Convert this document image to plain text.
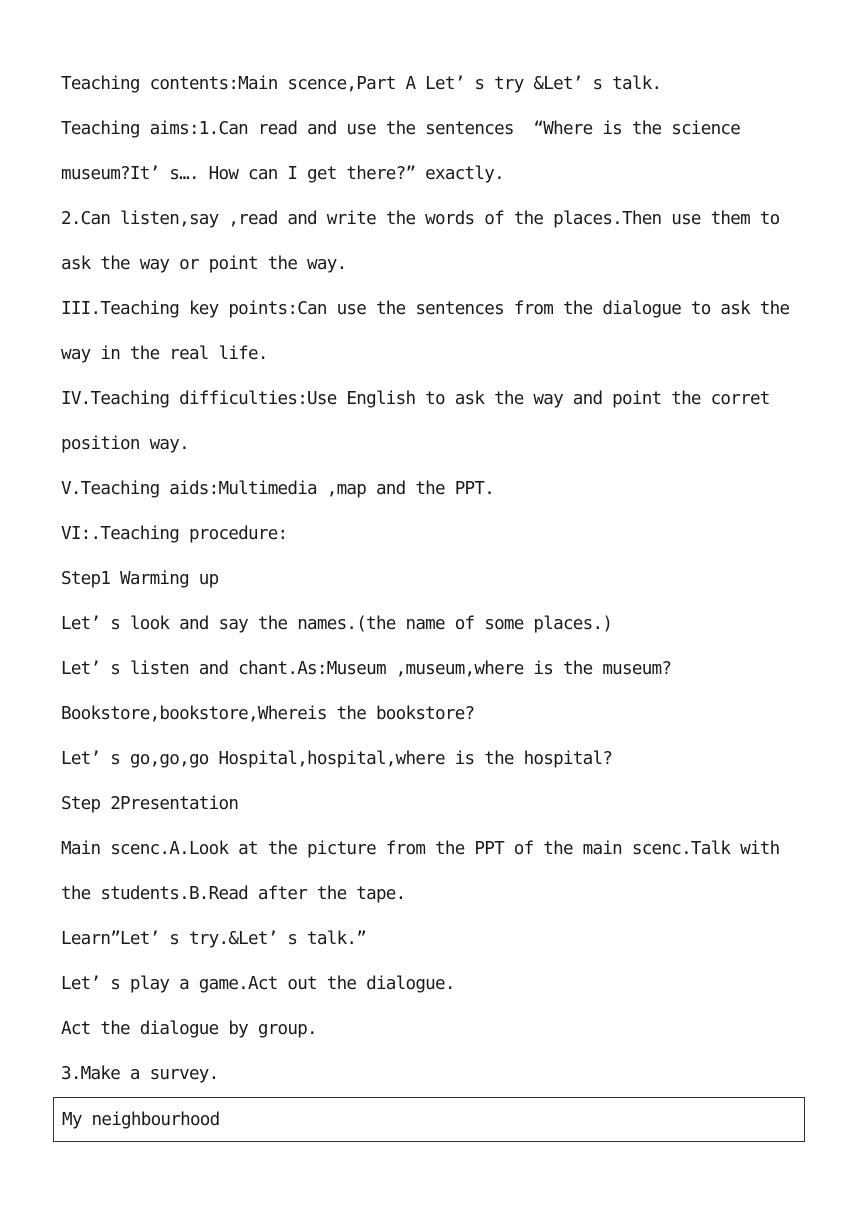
Teaching contents:Main scence,Part A Let’ s try &Let’ s talk.
Teaching aims:1.Can read and use the sentences  “Where is the science
museum?It’ s…. How can I get there?” exactly.
2.Can listen,say ,read and write the words of the places.Then use them to
ask the way or point the way.
III.Teaching key points:Can use the sentences from the dialogue to ask the
way in the real life.
IV.Teaching difficulties:Use English to ask the way and point the corret
position way.
V.Teaching aids:Multimedia ,map and the PPT.
VI:.Teaching procedure:
Step1 Warming up
Let’ s look and say the names.(the name of some places.)
Let’ s listen and chant.As:Museum ,museum,where is the museum?
Bookstore,bookstore,Whereis the bookstore?
Let’ s go,go,go Hospital,hospital,where is the hospital?
Step 2Presentation
Main scenc.A.Look at the picture from the PPT of the main scenc.Talk with
the students.B.Read after the tape.
Learn”Let’ s try.&Let’ s talk.”
Let’ s play a game.Act out the dialogue.
Act the dialogue by group.
3.Make a survey.
My neighbourhood
